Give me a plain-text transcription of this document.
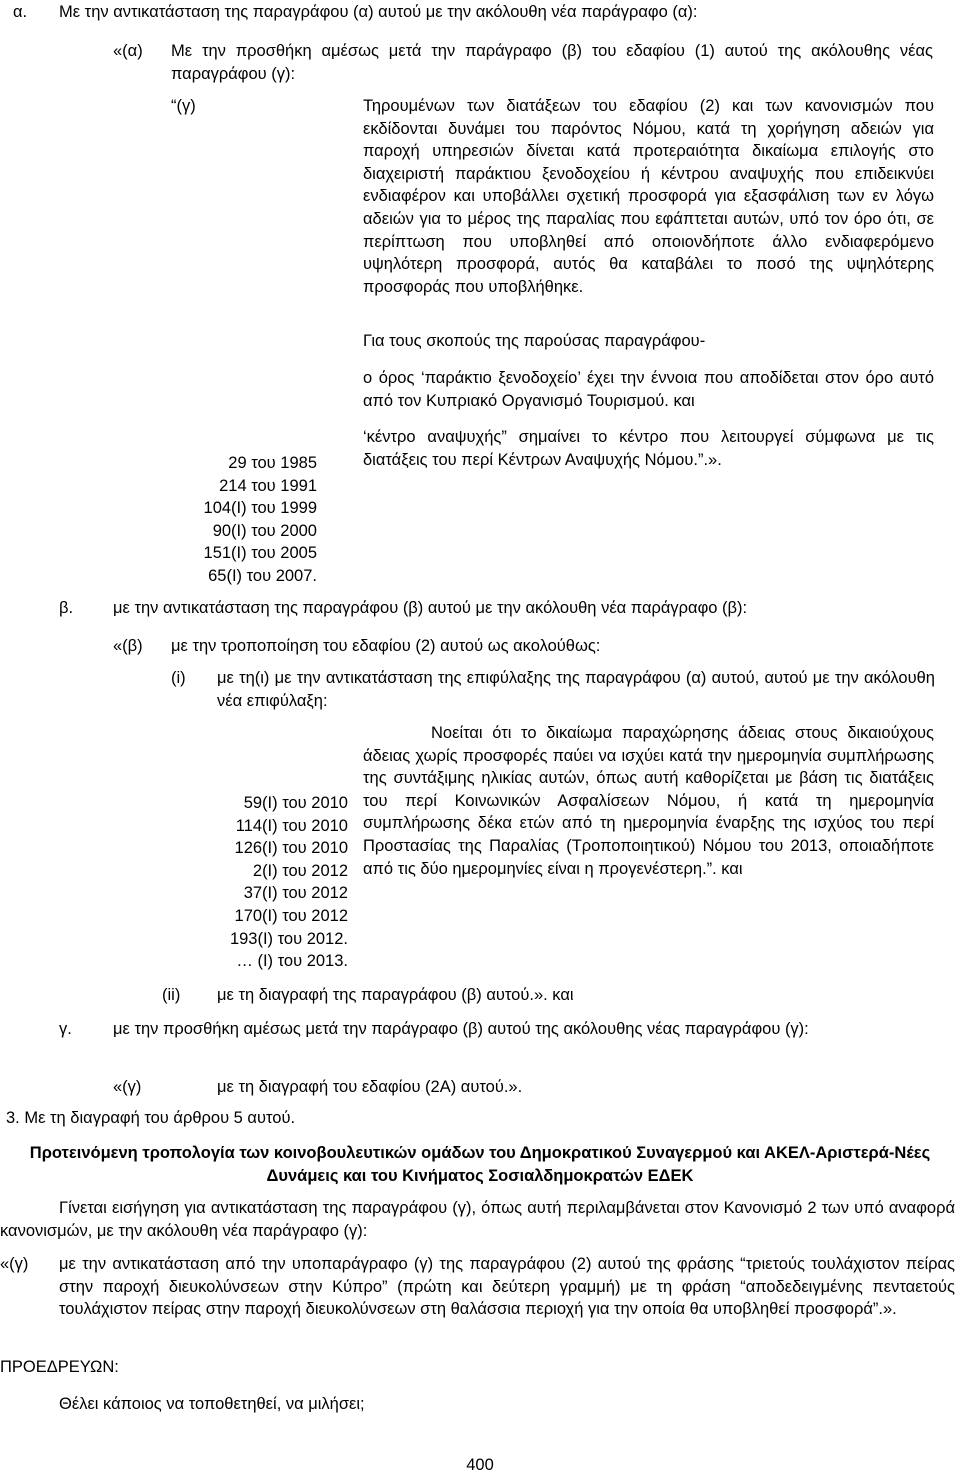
α. Με την αντικατάσταση της παραγράφου (α) αυτού με την ακόλουθη νέα παράγραφο (α):
«(α) Με την προσθήκη αμέσως μετά την παράγραφο (β) του εδαφίου (1) αυτού της ακόλουθης νέας παραγράφου (γ):
“(γ)	Τηρουμένων των διατάξεων του εδαφίου (2) και των κανονισμών που εκδίδονται δυνάμει του παρόντος Νόμου, κατά τη χορήγηση αδειών για παροχή υπηρεσιών δίνεται κατά προτεραιότητα δικαίωμα επιλογής στο διαχειριστή παράκτιου ξενοδοχείου ή κέντρου αναψυχής που επιδεικνύει ενδιαφέρον και υποβάλλει σχετική προσφορά για εξασφάλιση των εν λόγω αδειών για το μέρος της παραλίας που εφάπτεται αυτών, υπό τον όρο ότι, σε περίπτωση που υποβληθεί από οποιονδήποτε άλλο ενδιαφερόμενο υψηλότερη προσφορά, αυτός θα καταβάλει το ποσό της υψηλότερης προσφοράς που υποβλήθηκε.
Για τους σκοπούς της παρούσας παραγράφου-
ο όρος ‘παράκτιο ξενοδοχείο’ έχει την έννοια που αποδίδεται στον όρο αυτό από τον Κυπριακό Οργανισμό Τουρισμού. και
‘κέντρο αναψυχής” σημαίνει το κέντρο που λειτουργεί σύμφωνα με τις διατάξεις του περί Κέντρων Αναψυχής Νόμου.”.».
29 του 1985
214 του 1991
104(Ι) του 1999
90(Ι) του 2000
151(Ι) του 2005
65(Ι) του 2007.
β. με την αντικατάσταση της παραγράφου (β) αυτού με την ακόλουθη νέα παράγραφο (β):
«(β) με την τροποποίηση του εδαφίου (2) αυτού ως ακολούθως:
(i) με τη(ι) με την αντικατάσταση της επιφύλαξης της παραγράφου (α) αυτού, αυτού με την ακόλουθη νέα επιφύλαξη:
Νοείται ότι το δικαίωμα παραχώρησης άδειας στους δικαιούχους άδειας χωρίς προσφορές παύει να ισχύει κατά την ημερομηνία συμπλήρωσης της συντάξιμης ηλικίας αυτών, όπως αυτή καθορίζεται με βάση τις διατάξεις του περί Κοινωνικών Ασφαλίσεων Νόμου, ή κατά τη ημερομηνία συμπλήρωσης δέκα ετών από τη ημερομηνία έναρξης της ισχύος του περί Προστασίας της Παραλίας (Τροποποιητικού) Νόμου του 2013, οποιαδήποτε από τις δύο ημερομηνίες είναι η προγενέστερη.”. και
59(Ι) του 2010
114(Ι) του 2010
126(Ι) του 2010
2(Ι) του 2012
37(Ι) του 2012
170(Ι) του 2012
193(Ι) του 2012.
… (Ι) του 2013.
(ii) με τη διαγραφή της παραγράφου (β) αυτού.». και
γ. με την προσθήκη αμέσως μετά την παράγραφο (β) αυτού της ακόλουθης νέας παραγράφου (γ):
«(γ)	με τη διαγραφή του εδαφίου (2Α) αυτού.».
3. Με τη διαγραφή του άρθρου 5 αυτού.
Προτεινόμενη τροπολογία των κοινοβουλευτικών ομάδων του Δημοκρατικού Συναγερμού και ΑΚΕΛ-Αριστερά-Νέες Δυνάμεις και του Κινήματος Σοσιαλδημοκρατών ΕΔΕΚ
Γίνεται εισήγηση για αντικατάσταση της παραγράφου (γ), όπως αυτή περιλαμβάνεται στον Κανονισμό 2 των υπό αναφορά κανονισμών, με την ακόλουθη νέα παράγραφο (γ):
«(γ) με την αντικατάσταση από την υποπαράγραφο (γ) της παραγράφου (2) αυτού της φράσης “τριετούς τουλάχιστον πείρας στην παροχή διευκολύνσεων στην Κύπρο” (πρώτη και δεύτερη γραμμή) με τη φράση “αποδεδειγμένης πενταετούς τουλάχιστον πείρας στην παροχή διευκολύνσεων στη θαλάσσια περιοχή για την οποία θα υποβληθεί προσφορά”.».
ΠΡΟΕΔΡΕΥΩΝ:
Θέλει κάποιος να τοποθετηθεί, να μιλήσει;
400
